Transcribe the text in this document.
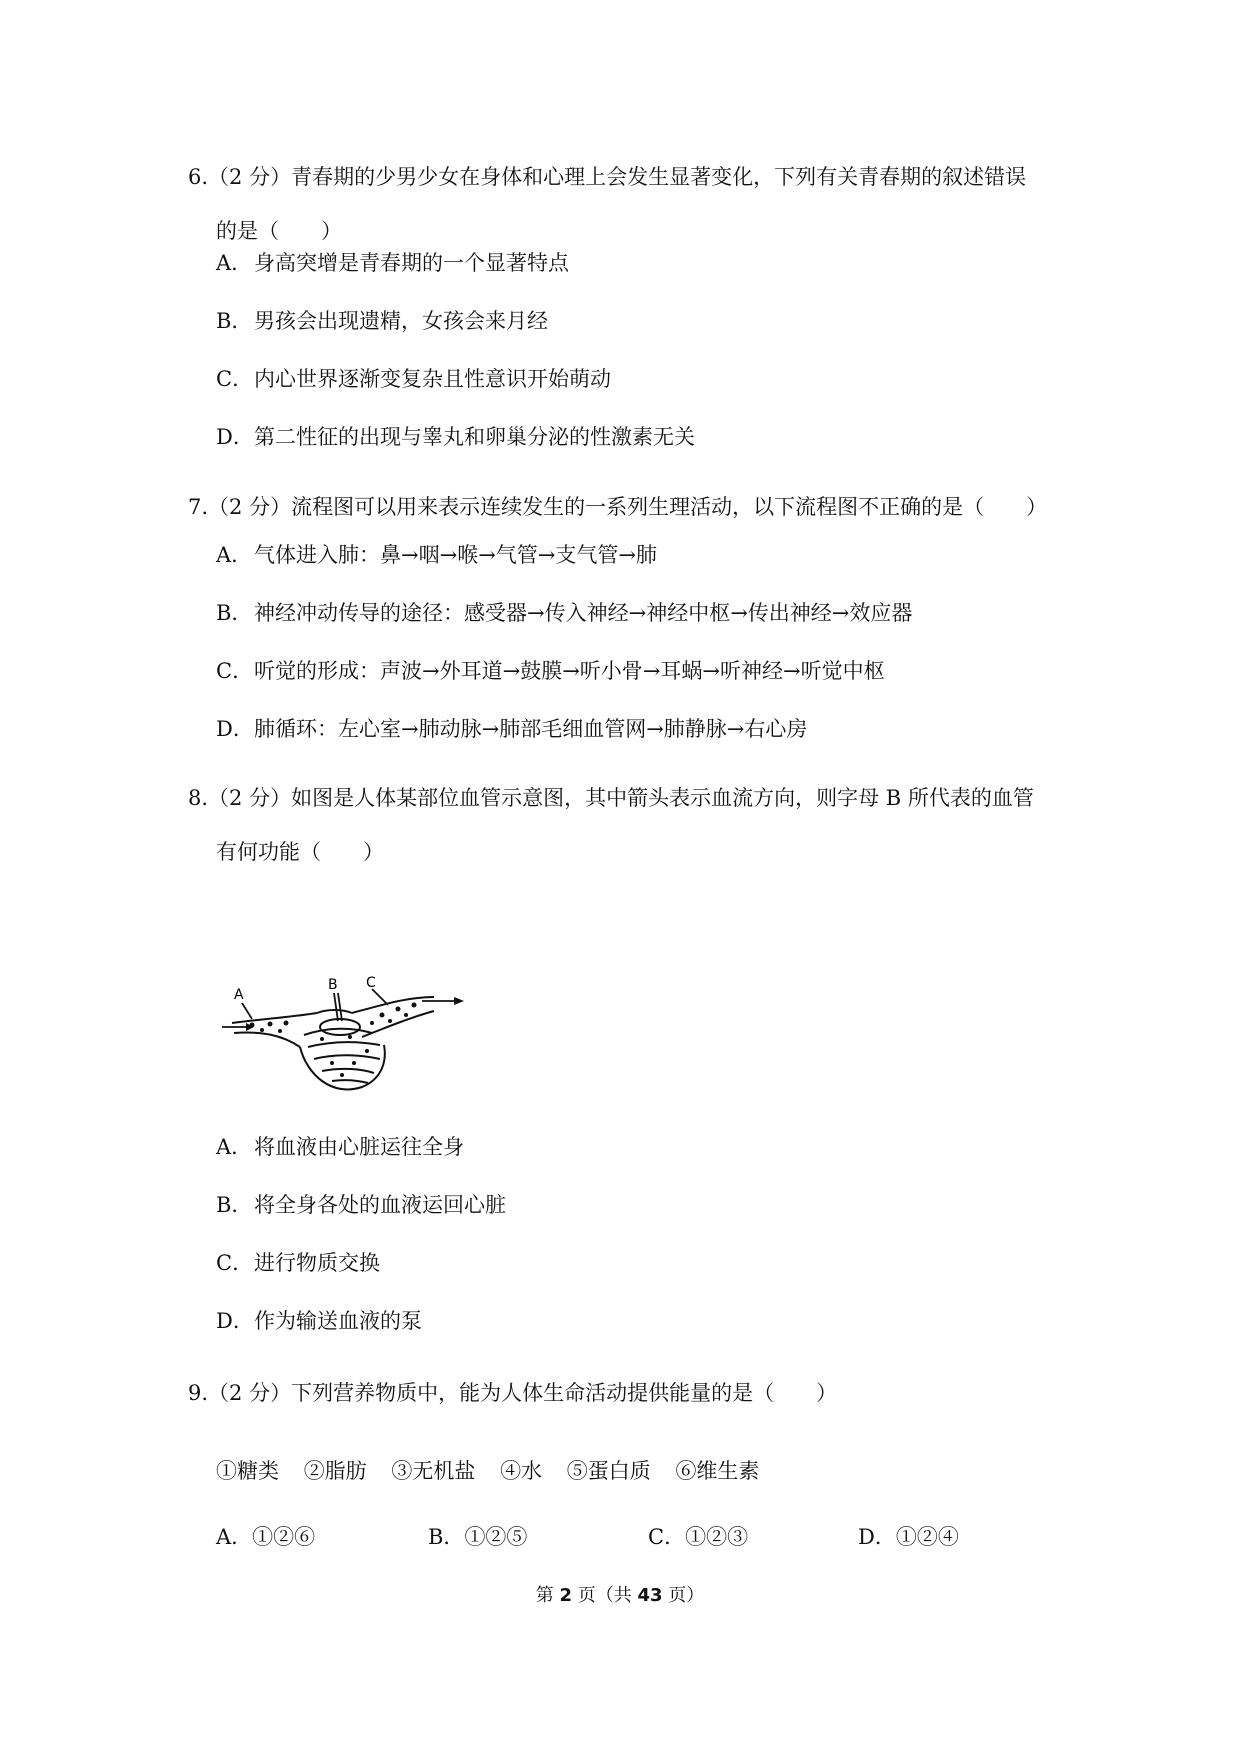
6.（2 分）青春期的少男少女在身体和心理上会发生显著变化，下列有关青春期的叙述错误
的是（　　）
A．身高突增是青春期的一个显著特点
B．男孩会出现遗精，女孩会来月经
C．内心世界逐渐变复杂且性意识开始萌动
D．第二性征的出现与睾丸和卵巢分泌的性激素无关
7.（2 分）流程图可以用来表示连续发生的一系列生理活动，以下流程图不正确的是（　　）
A．气体进入肺：鼻→咽→喉→气管→支气管→肺
B．神经冲动传导的途径：感受器→传入神经→神经中枢→传出神经→效应器
C．听觉的形成：声波→外耳道→鼓膜→听小骨→耳蜗→听神经→听觉中枢
D．肺循环：左心室→肺动脉→肺部毛细血管网→肺静脉→右心房
8.（2 分）如图是人体某部位血管示意图，其中箭头表示血流方向，则字母 B 所代表的血管
有何功能（　　）
A
B C
A．将血液由心脏运往全身
B．将全身各处的血液运回心脏
C．进行物质交换
D．作为输送血液的泵
9.（2 分）下列营养物质中，能为人体生命活动提供能量的是（　　）
①糖类 ②脂肪 ③无机盐 ④水 ⑤蛋白质 ⑥维生素
A．①②⑥	B．①②⑤	C．①②③	D．①②④
第 2 页（共 43 页）
